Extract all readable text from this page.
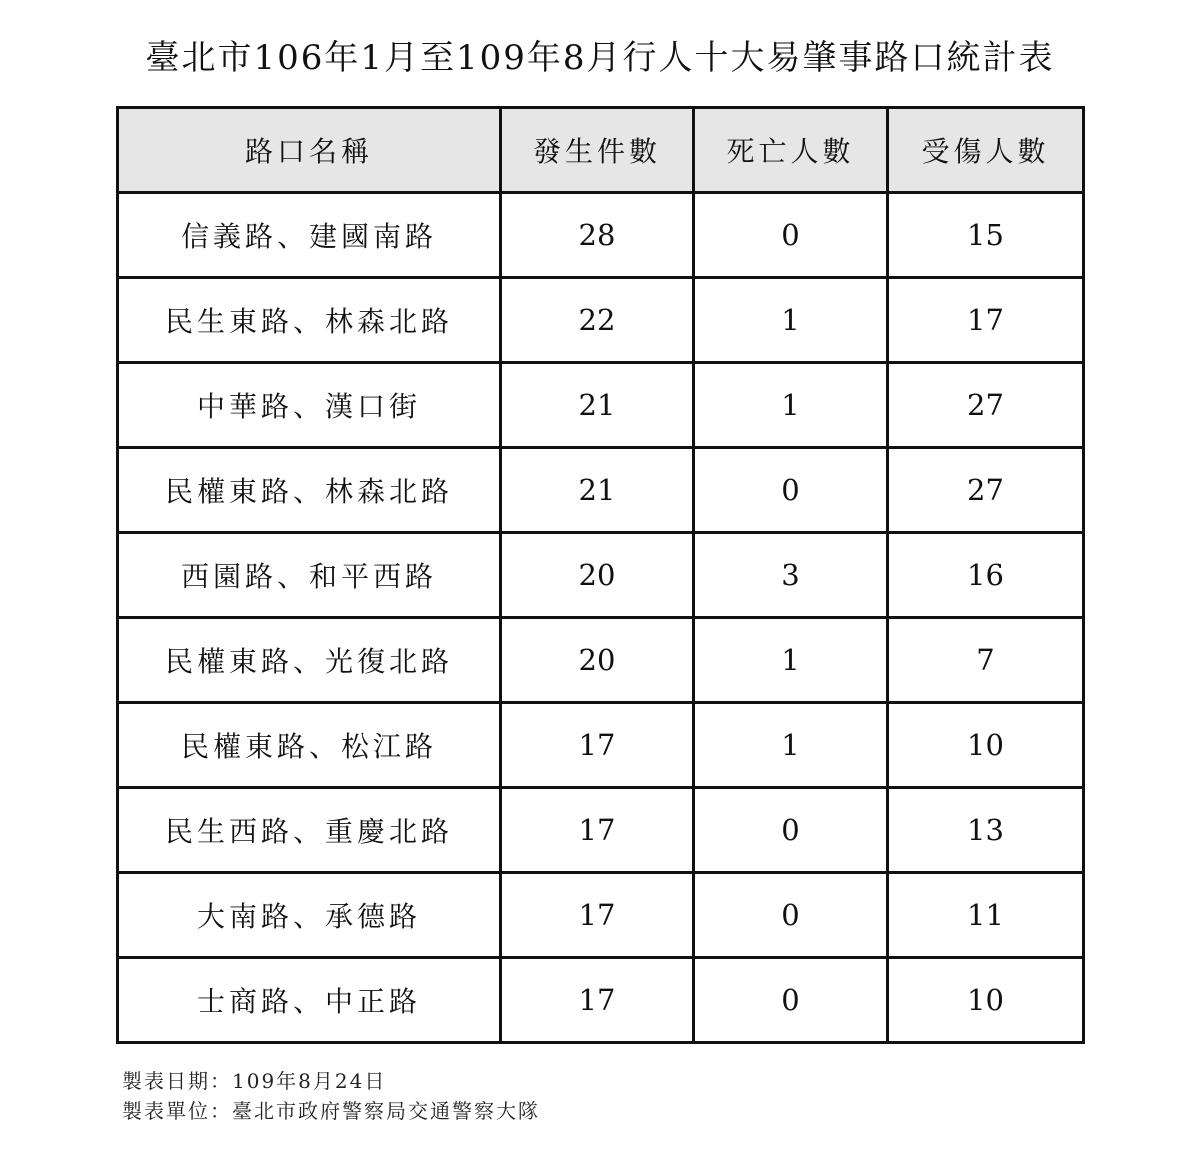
臺北市106年1月至109年8月行人十大易肇事路口統計表
路口名稱	發生件數	死亡人數	受傷人數
信義路、建國南路	28	0	15
民生東路、林森北路	22	1	17
中華路、漢口街	21	1	27
民權東路、林森北路	21	0	27
西園路、和平西路	20	3	16
民權東路、光復北路	20	1	7
民權東路、松江路	17	1	10
民生西路、重慶北路	17	0	13
大南路、承德路	17	0	11
士商路、中正路	17	0	10
製表日期：109年8月24日
製表單位：臺北市政府警察局交通警察大隊
